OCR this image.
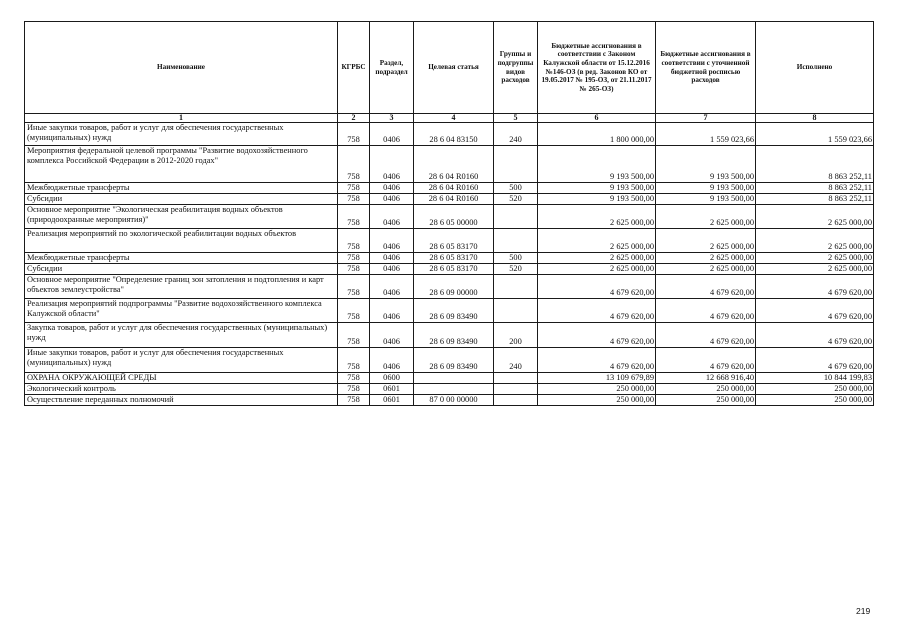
Наименование	КГРБС	Раздел, подраздел	Целевая статья	Группы и подгруппы видов расходов	Бюджетные ассигнования в соответствии с Законом Калужской области от 15.12.2016 №146-ОЗ (в ред. Законов КО от 19.05.2017 № 195-ОЗ, от 21.11.2017 № 265-ОЗ)	Бюджетные ассигнования в соответствии с уточненной бюджетной росписью расходов	Исполнено
1	2	3	4	5	6	7	8
Иные закупки товаров, работ и услуг для обеспечения государственных (муниципальных) нужд	758	0406	28 6 04 83150	240	1 800 000,00	1 559 023,66	1 559 023,66
Мероприятия федеральной целевой программы "Развитие водохозяйственного комплекса Российской Федерации в 2012-2020 годах"	758	0406	28 6 04 R0160		9 193 500,00	9 193 500,00	8 863 252,11
Межбюджетные трансферты	758	0406	28 6 04 R0160	500	9 193 500,00	9 193 500,00	8 863 252,11
Субсидии	758	0406	28 6 04 R0160	520	9 193 500,00	9 193 500,00	8 863 252,11
Основное мероприятие "Экологическая реабилитация водных объектов (природоохранные мероприятия)"	758	0406	28 6 05 00000		2 625 000,00	2 625 000,00	2 625 000,00
Реализация мероприятий по экологической реабилитации водных объектов	758	0406	28 6 05 83170		2 625 000,00	2 625 000,00	2 625 000,00
Межбюджетные трансферты	758	0406	28 6 05 83170	500	2 625 000,00	2 625 000,00	2 625 000,00
Субсидии	758	0406	28 6 05 83170	520	2 625 000,00	2 625 000,00	2 625 000,00
Основное мероприятие "Определение границ зон затопления и подтопления и карт объектов землеустройства"	758	0406	28 6 09 00000		4 679 620,00	4 679 620,00	4 679 620,00
Реализация мероприятий подпрограммы "Развитие водохозяйственного комплекса Калужской области"	758	0406	28 6 09 83490		4 679 620,00	4 679 620,00	4 679 620,00
Закупка товаров, работ и услуг для обеспечения государственных (муниципальных) нужд	758	0406	28 6 09 83490	200	4 679 620,00	4 679 620,00	4 679 620,00
Иные закупки товаров, работ и услуг для обеспечения государственных (муниципальных) нужд	758	0406	28 6 09 83490	240	4 679 620,00	4 679 620,00	4 679 620,00
ОХРАНА ОКРУЖАЮЩЕЙ СРЕДЫ	758	0600			13 109 679,89	12 668 916,40	10 844 199,83
Экологический контроль	758	0601			250 000,00	250 000,00	250 000,00
Осуществление переданных полномочий	758	0601	87 0 00 00000		250 000,00	250 000,00	250 000,00
219
